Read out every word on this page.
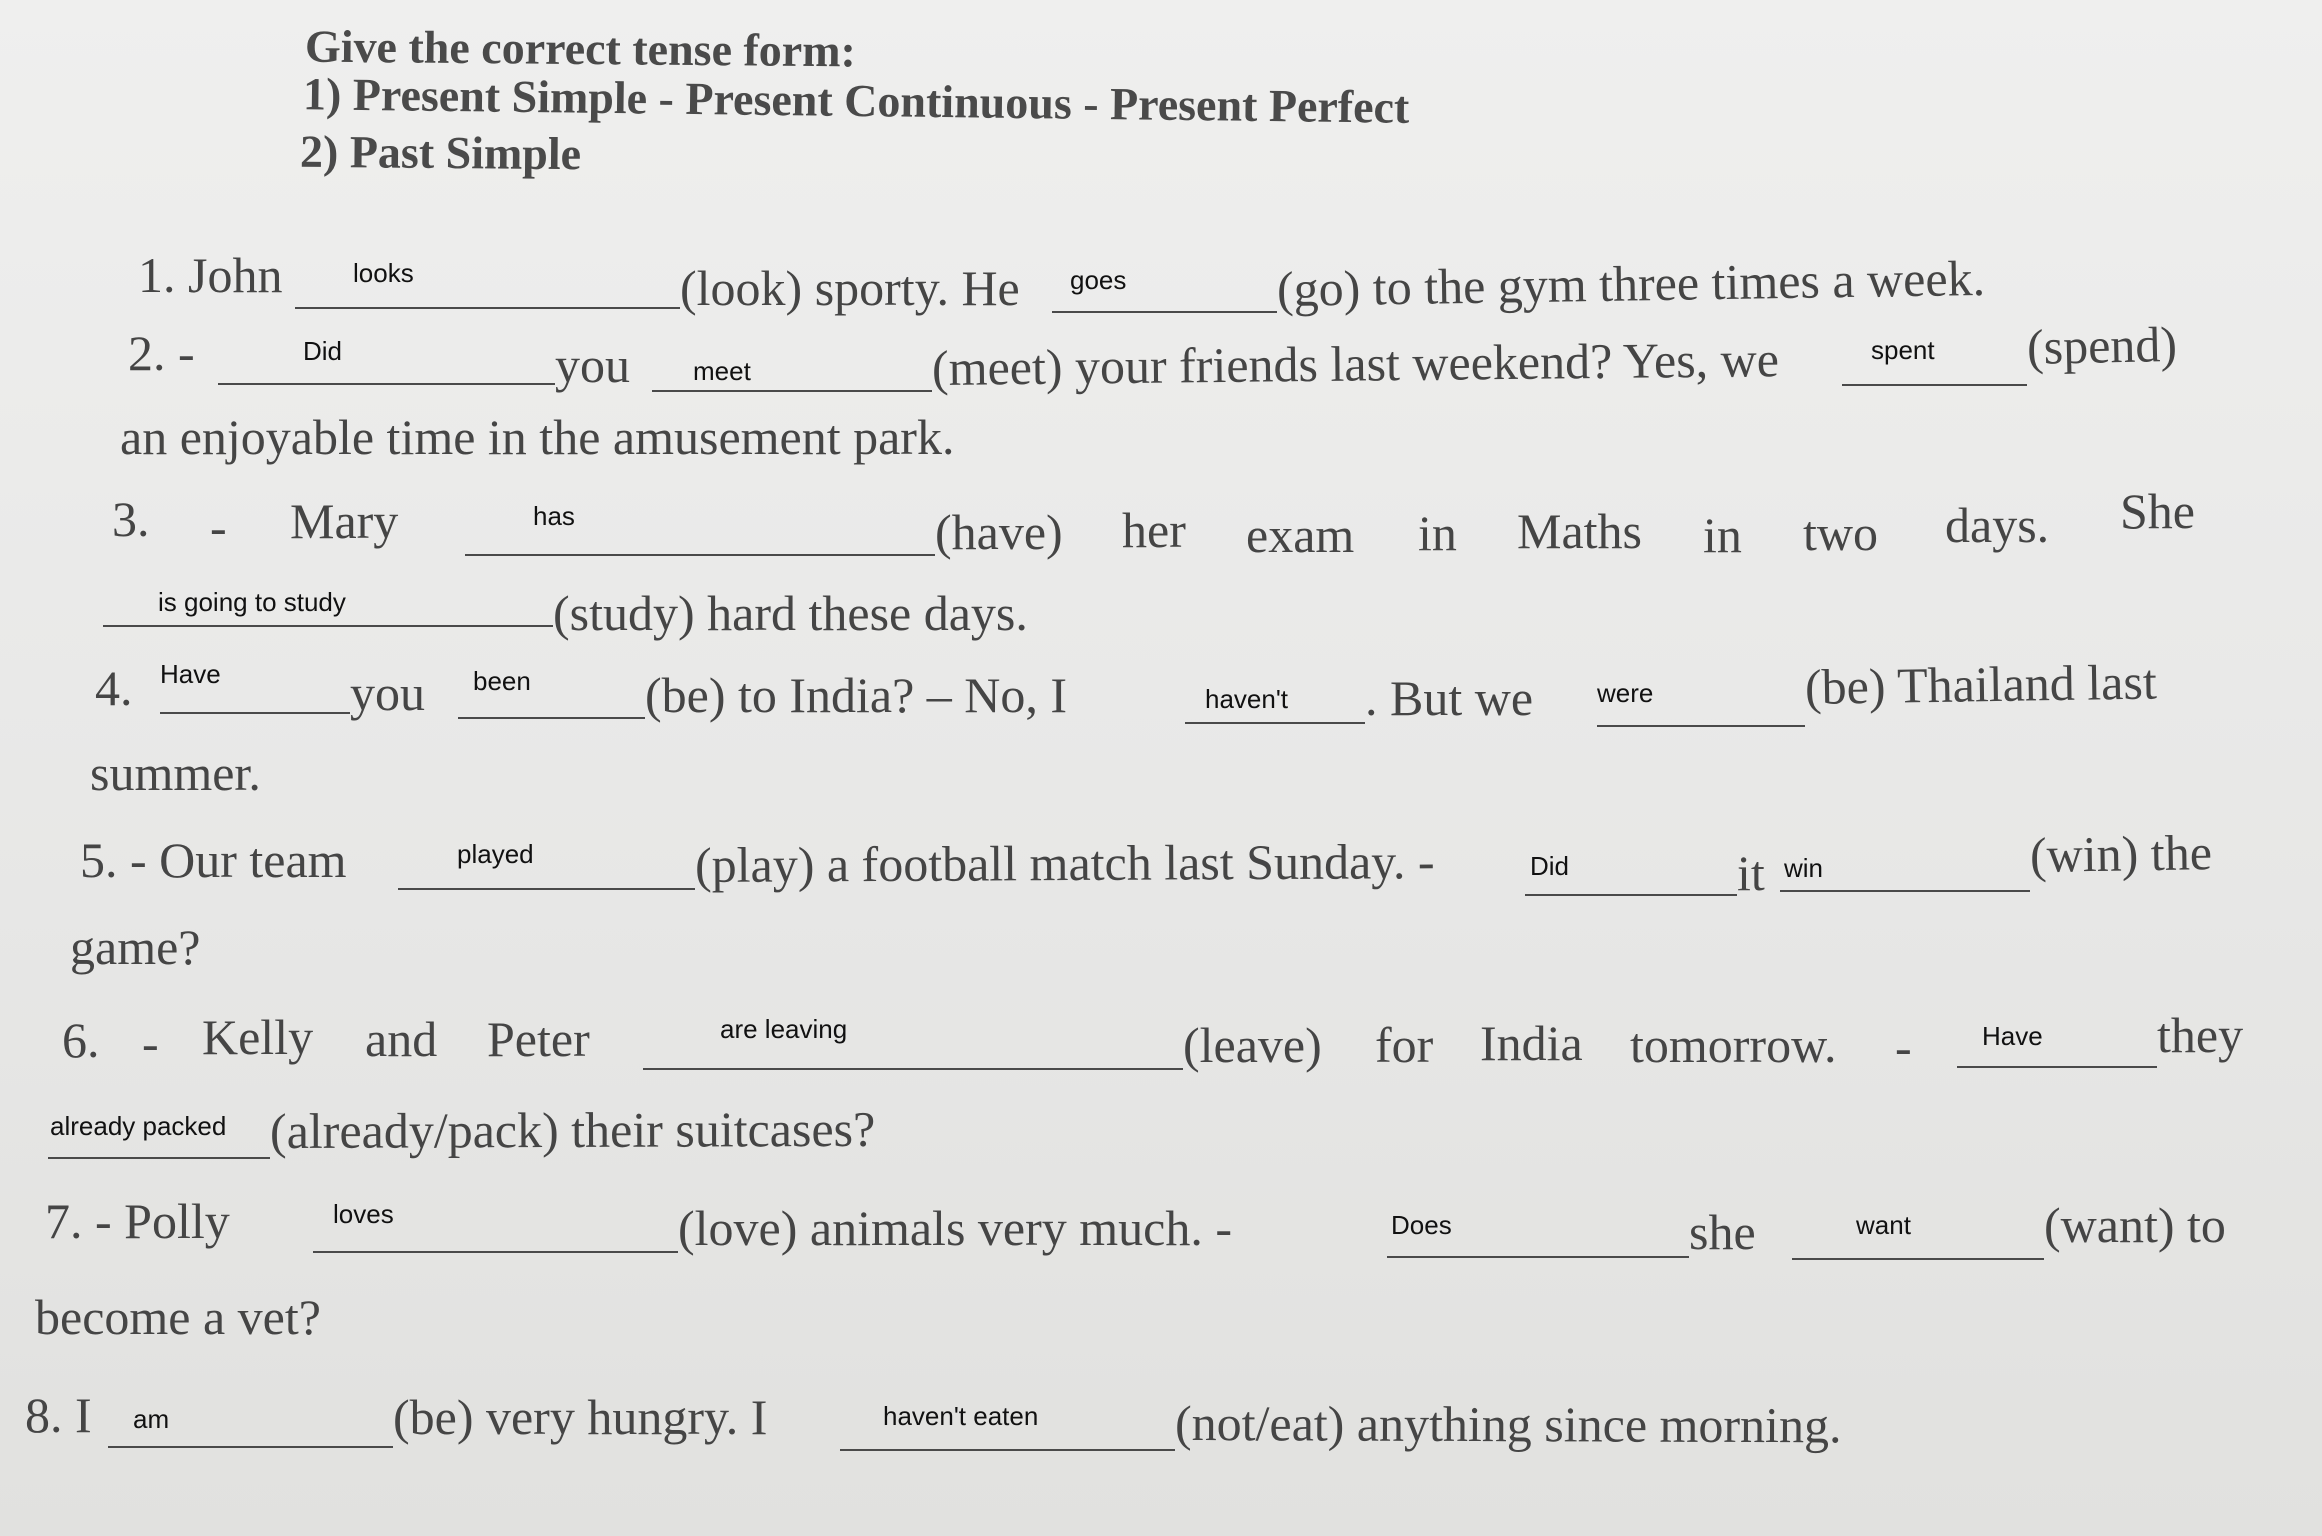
Give the correct tense form:
1) Present Simple - Present Continuous - Present Perfect
2) Past Simple
1. John	looks	(look) sporty. He goes	(go) to the gym three times a week.
2. -	Did	you meet	(meet) your friends last weekend? Yes, we	spent (spend)
an enjoyable time in the amusement park.
3. - Mary	has	(have) her exam in Maths in two days. She
is going to study	(study) hard these days.
4. Have	you been (be) to India? – No, I	haven't . But we were	(be) Thailand last
summer.
5. - Our team	played	(play) a football match last Sunday. -	Did	it win	(win) the
game?
6. - Kelly and Peter	are leaving	(leave) for India tomorrow. -	Have they
already packed (already/pack) their suitcases?
7. - Polly	loves	(love) animals very much. -	Does	she	want	(want) to
become a vet?
8. I am	(be) very hungry. I	haven't eaten	(not/eat) anything since morning.
